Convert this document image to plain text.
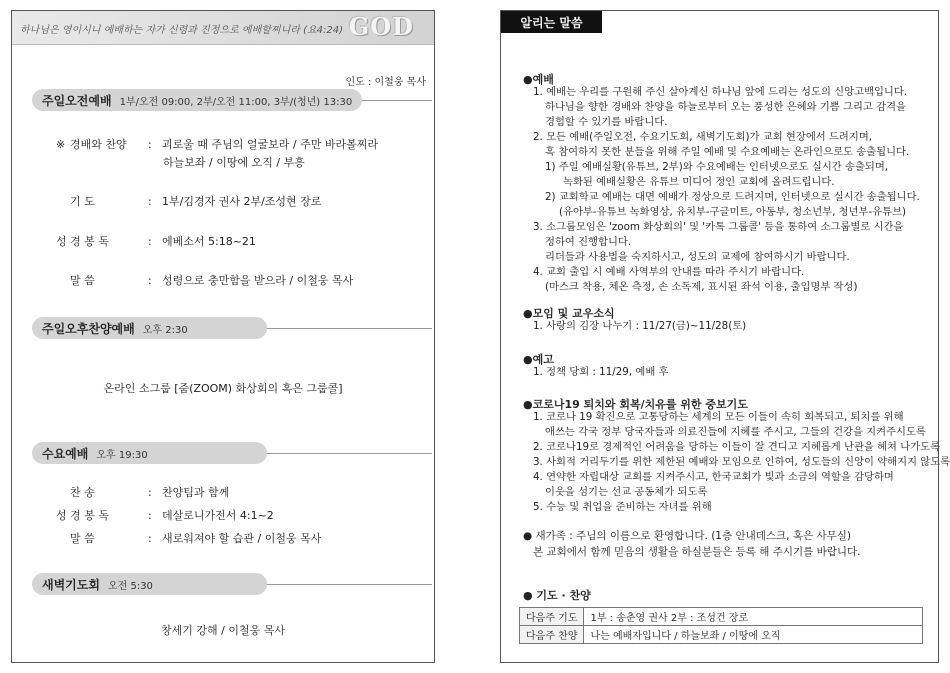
하나님은 영이시니 예배하는 자가 신령과 진정으로 예배할찌니라 (요4:24) GOD
인도 : 이철웅 목사
주일오전예배 1부/오전 09:00, 2부/오전 11:00, 3부/(청년) 13:30
※ 경배와 찬양 : 괴로울 때 주님의 얼굴보라 / 주만 바라볼찌라
하늘보좌 / 이땅에 오직 / 부흥
기 도	: 1부/김경자 권사 2부/조성현 장로
성 경 봉 독	: 에베소서 5:18~21
말 씀	: 성령으로 충만함을 받으라 / 이철웅 목사
주일오후찬양예배 오후 2:30
온라인 소그룹 [줌(ZOOM) 화상회의 혹은 그룹콜]
수요예배 오후 19:30
찬 송	: 찬양팀과 함께
성 경 봉 독	: 데살로니가전서 4:1~2
말 씀	: 새로워져야 할 습관 / 이철웅 목사
새벽기도회 오전 5:30
창세기 강해 / 이철웅 목사
알리는 말씀
●예배
1. 예배는 우리를 구원해 주신 살아계신 하나님 앞에 드리는 성도의 신앙고백입니다.
하나님을 향한 경배와 찬양을 하늘로부터 오는 풍성한 은혜와 기쁨 그리고 감격을
경험할 수 있기를 바랍니다.
2. 모든 예배(주일오전, 수요기도회, 새벽기도회)가 교회 현장에서 드려지며,
혹 참여하지 못한 분들을 위해 주일 예배 및 수요예배는 온라인으로도 송출됩니다.
1) 주일 예배실황(유튜브, 2부)와 수요예배는 인터넷으로도 실시간 송출되며,
녹화된 예배실황은 유튜브 미디어 정인 교회에 올려드립니다.
2) 교회학교 예배는 대면 예배가 정상으로 드려지며, 인터넷으로 실시간 송출됩니다.
(유아부-유튜브 녹화영상, 유치부-구글미트, 아동부, 청소년부, 청년부-유튜브)
3. 소그룹모임은 'zoom 화상회의' 및 '카톡 그룹콜' 등을 통하여 소그룹별로 시간을
정하여 진행합니다.
리더들과 사용법을 숙지하시고, 성도의 교제에 참여하시기 바랍니다.
4. 교회 출입 시 예배 사역부의 안내를 따라 주시기 바랍니다.
(마스크 착용, 체온 측정, 손 소독제, 표시된 좌석 이용, 출입명부 작성)
●모임 및 교우소식
1. 사랑의 김장 나누기 : 11/27(금)~11/28(토)
●예고
1. 정책 당회 : 11/29, 예배 후
●코로나19 퇴치와 회복/치유를 위한 중보기도
1. 코로나 19 확진으로 고통당하는 세계의 모든 이들이 속히 회복되고, 퇴치를 위해
애쓰는 각국 정부 당국자들과 의료진들에 지혜를 주시고, 그들의 건강을 지켜주시도록
2. 코로나19로 경제적인 어려움을 당하는 이들이 잘 견디고 지혜롭게 난관을 헤쳐 나가도록
3. 사회적 거리두기를 위한 제한된 예배와 모임으로 인하여, 성도들의 신앙이 약해지지 않도록
4. 연약한 자립대상 교회를 지켜주시고, 한국교회가 빛과 소금의 역할을 감당하며
이웃을 섬기는 선교 공동체가 되도록
5. 수능 및 취업을 준비하는 자녀를 위해
● 새가족 : 주님의 이름으로 환영합니다. (1층 안내데스크, 혹은 사무실)
본 교회에서 함께 믿음의 생활을 하실분들은 등록 해 주시기를 바랍니다.
● 기도 · 찬양
다음주 기도	1부 : 송춘영 권사 2부 : 조성건 장로
다음주 찬양	나는 예배자입니다 / 하늘보좌 / 이땅에 오직
